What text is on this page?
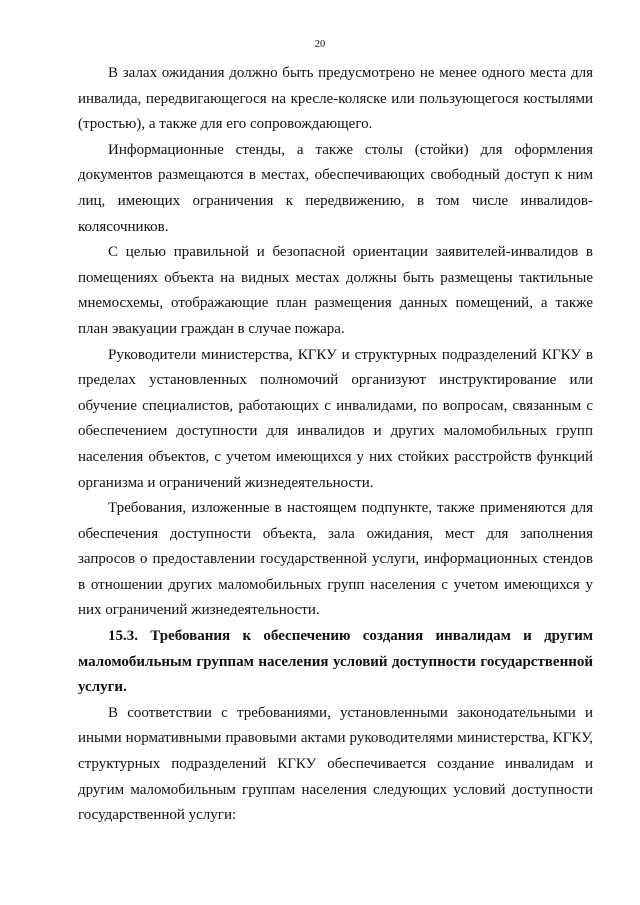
20

В залах ожидания должно быть предусмотрено не менее одного места для инвалида, передвигающегося на кресле-коляске или пользующегося костылями (тростью), а также для его сопровождающего.

Информационные стенды, а также столы (стойки) для оформления документов размещаются в местах, обеспечивающих свободный доступ к ним лиц, имеющих ограничения к передвижению, в том числе инвалидов-колясочников.

С целью правильной и безопасной ориентации заявителей-инвалидов в помещениях объекта на видных местах должны быть размещены тактильные мнемосхемы, отображающие план размещения данных помещений, а также план эвакуации граждан в случае пожара.

Руководители министерства, КГКУ и структурных подразделений КГКУ в пределах установленных полномочий организуют инструктирование или обучение специалистов, работающих с инвалидами, по вопросам, связанным с обеспечением доступности для инвалидов и других маломобильных групп населения объектов, с учетом имеющихся у них стойких расстройств функций организма и ограничений жизнедеятельности.

Требования, изложенные в настоящем подпункте, также применяются для обеспечения доступности объекта, зала ожидания, мест для заполнения запросов о предоставлении государственной услуги, информационных стендов в отношении других маломобильных групп населения с учетом имеющихся у них ограничений жизнедеятельности.

15.3. Требования к обеспечению создания инвалидам и другим маломобильным группам населения условий доступности государственной услуги.

В соответствии с требованиями, установленными законодательными и иными нормативными правовыми актами руководителями министерства, КГКУ, структурных подразделений КГКУ обеспечивается создание инвалидам и другим маломобильным группам населения следующих условий доступности государственной услуги:
